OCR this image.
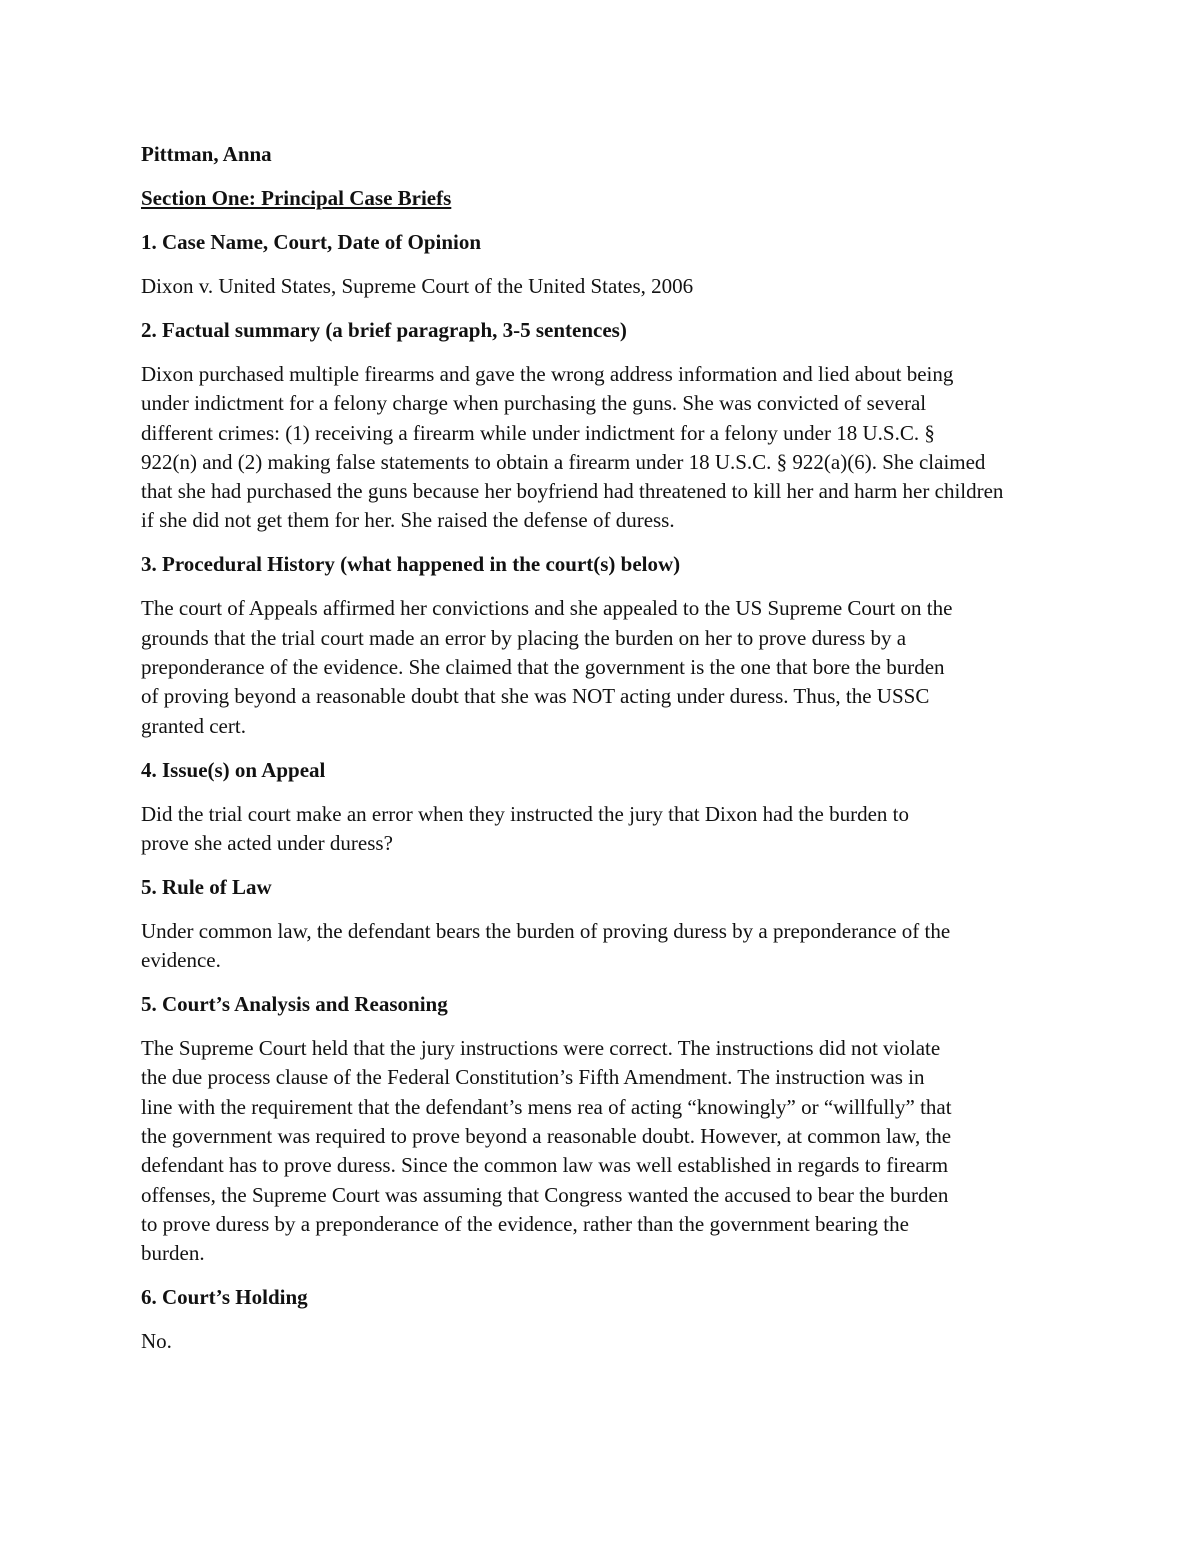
Pittman, Anna
Section One: Principal Case Briefs
1. Case Name, Court, Date of Opinion
Dixon v. United States, Supreme Court of the United States, 2006
2. Factual summary (a brief paragraph, 3-5 sentences)
Dixon purchased multiple firearms and gave the wrong address information and lied about being
under indictment for a felony charge when purchasing the guns. She was convicted of several
different crimes: (1) receiving a firearm while under indictment for a felony under 18 U.S.C. §
922(n) and (2) making false statements to obtain a firearm under 18 U.S.C. § 922(a)(6). She claimed
that she had purchased the guns because her boyfriend had threatened to kill her and harm her children
if she did not get them for her. She raised the defense of duress.
3. Procedural History (what happened in the court(s) below)
The court of Appeals affirmed her convictions and she appealed to the US Supreme Court on the
grounds that the trial court made an error by placing the burden on her to prove duress by a
preponderance of the evidence. She claimed that the government is the one that bore the burden
of proving beyond a reasonable doubt that she was NOT acting under duress. Thus, the USSC
granted cert.
4. Issue(s) on Appeal
Did the trial court make an error when they instructed the jury that Dixon had the burden to
prove she acted under duress?
5. Rule of Law
Under common law, the defendant bears the burden of proving duress by a preponderance of the
evidence.
5. Court’s Analysis and Reasoning
The Supreme Court held that the jury instructions were correct. The instructions did not violate
the due process clause of the Federal Constitution’s Fifth Amendment. The instruction was in
line with the requirement that the defendant’s mens rea of acting “knowingly” or “willfully” that
the government was required to prove beyond a reasonable doubt. However, at common law, the
defendant has to prove duress. Since the common law was well established in regards to firearm
offenses, the Supreme Court was assuming that Congress wanted the accused to bear the burden
to prove duress by a preponderance of the evidence, rather than the government bearing the
burden.
6. Court’s Holding
No.
